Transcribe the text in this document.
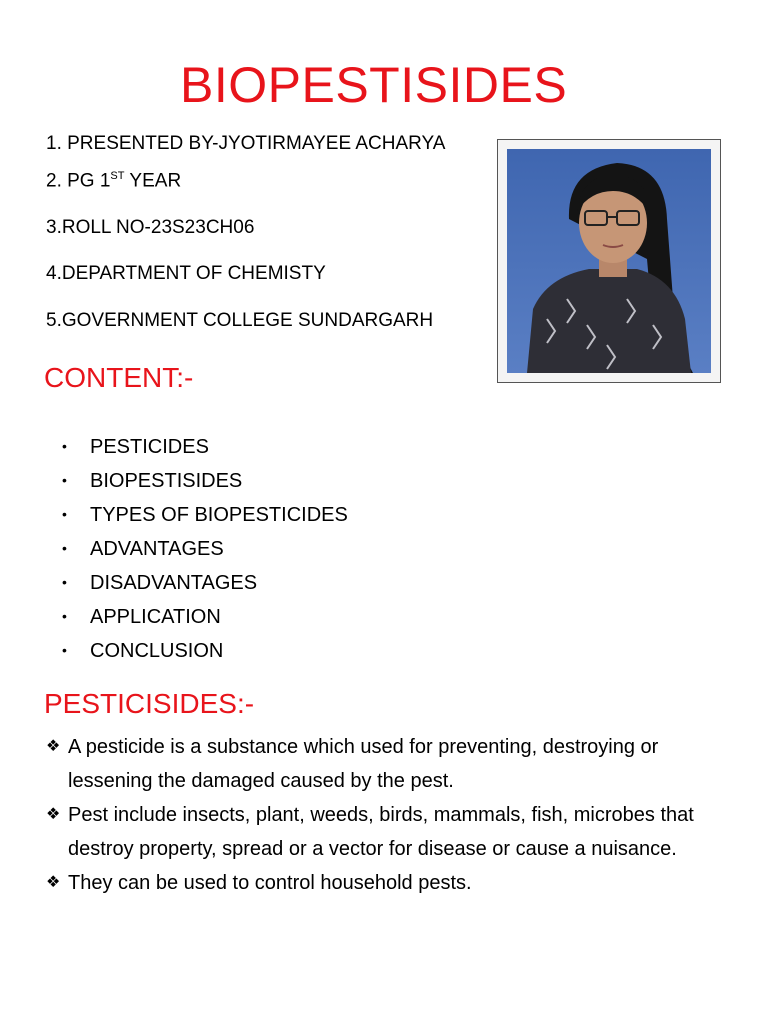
BIOPESTISIDES
1. PRESENTED BY-JYOTIRMAYEE ACHARYA
2. PG 1ST YEAR
3.ROLL NO-23S23CH06
4.DEPARTMENT OF CHEMISTY
5.GOVERNMENT COLLEGE SUNDARGARH
CONTENT:-
• PESTICIDES
• BIOPESTISIDES
• TYPES OF BIOPESTICIDES
• ADVANTAGES
• DISADVANTAGES
• APPLICATION
• CONCLUSION
PESTICISIDES:-
❖ A pesticide is a substance which used for preventing, destroying or lessening the damaged caused by the pest.
❖ Pest include insects, plant, weeds, birds, mammals, fish, microbes that destroy property, spread or a vector for disease or cause a nuisance.
❖ They can be used to control household pests.
